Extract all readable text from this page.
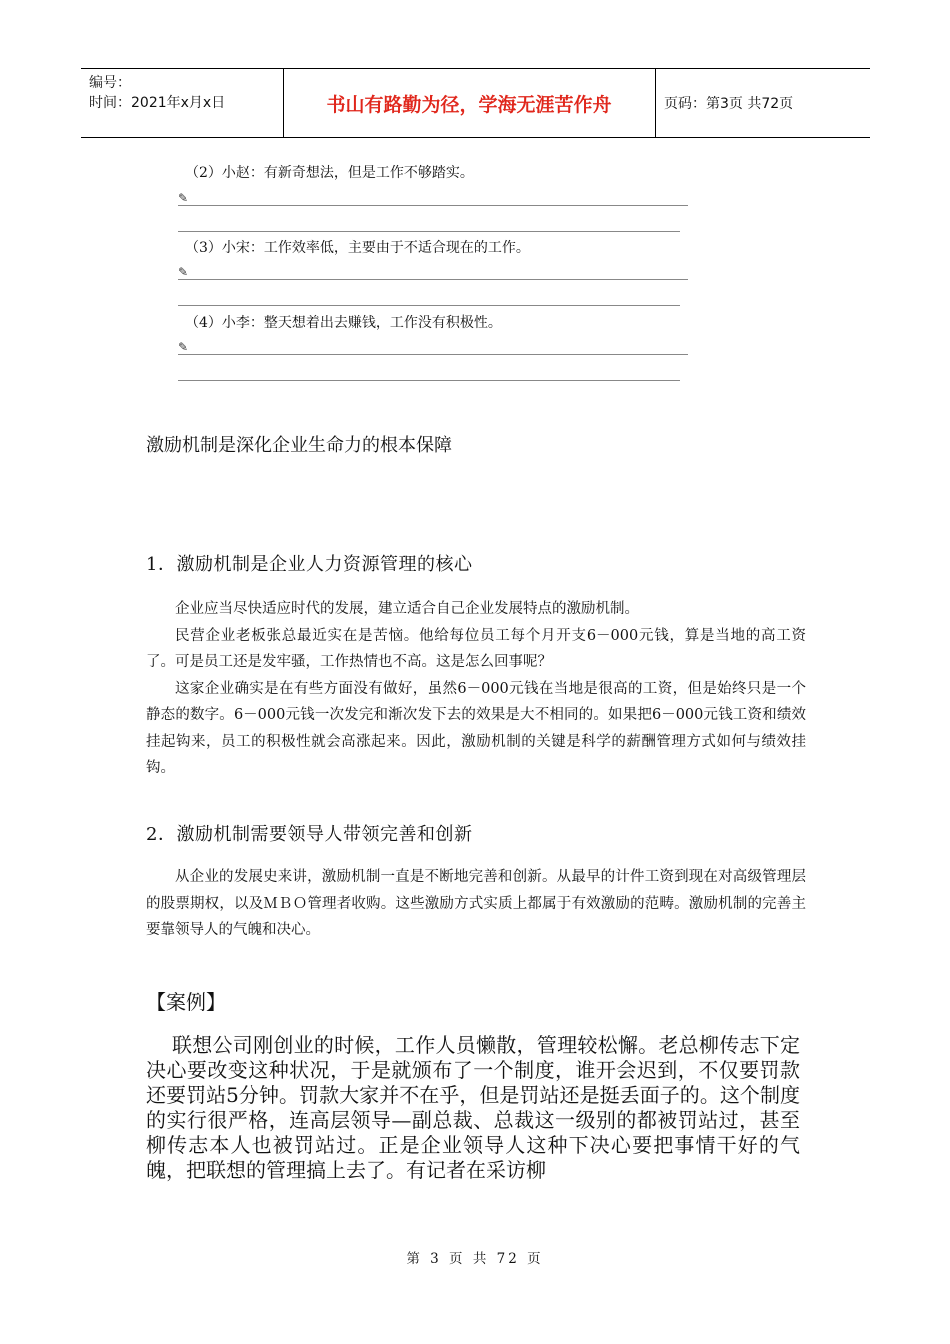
编号：
时间：2021年x月x日	书山有路勤为径，学海无涯苦作舟	页码：第3页 共72页
（2）小赵：有新奇想法，但是工作不够踏实。
✎
（3）小宋：工作效率低，主要由于不适合现在的工作。
✎
（4）小李：整天想着出去赚钱，工作没有积极性。
✎
激励机制是深化企业生命力的根本保障
1．激励机制是企业人力资源管理的核心

企业应当尽快适应时代的发展，建立适合自己企业发展特点的激励机制。

民营企业老板张总最近实在是苦恼。他给每位员工每个月开支6－000元钱，算是当地的高工资了。可是员工还是发牢骚，工作热情也不高。这是怎么回事呢？

这家企业确实是在有些方面没有做好，虽然6－000元钱在当地是很高的工资，但是始终只是一个静态的数字。6－000元钱一次发完和渐次发下去的效果是大不相同的。如果把6－000元钱工资和绩效挂起钩来，员工的积极性就会高涨起来。因此，激励机制的关键是科学的薪酬管理方式如何与绩效挂钩。

2．激励机制需要领导人带领完善和创新

从企业的发展史来讲，激励机制一直是不断地完善和创新。从最早的计件工资到现在对高级管理层的股票期权，以及ＭＢＯ管理者收购。这些激励方式实质上都属于有效激励的范畴。激励机制的完善主要靠领导人的气魄和决心。

【案例】

联想公司刚创业的时候，工作人员懒散，管理较松懈。老总柳传志下定决心要改变这种状况，于是就颁布了一个制度，谁开会迟到，不仅要罚款还要罚站5分钟。罚款大家并不在乎，但是罚站还是挺丢面子的。这个制度的实行很严格，连高层领导—副总裁、总裁这一级别的都被罚站过，甚至柳传志本人也被罚站过。正是企业领导人这种下决心要把事情干好的气魄，把联想的管理搞上去了。有记者在采访柳

第 3 页 共 72 页
